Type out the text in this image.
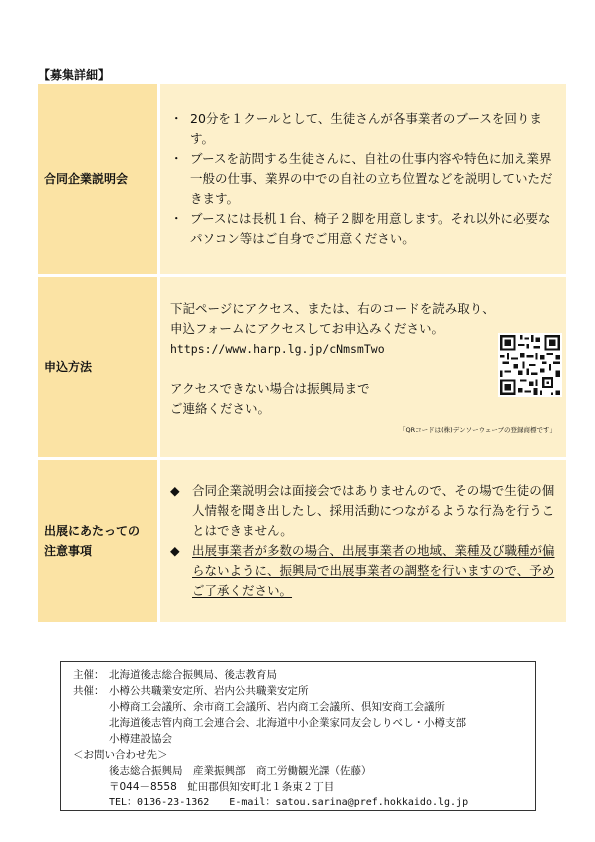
【募集詳細】
合同企業説明会
・ 20分を１クールとして、生徒さんが各事業者のブースを回ります。
・ ブースを訪問する生徒さんに、自社の仕事内容や特色に加え業界一般の仕事、業界の中での自社の立ち位置などを説明していただきます。
・ ブースには長机１台、椅子２脚を用意します。それ以外に必要なパソコン等はご自身でご用意ください。
申込方法
下記ページにアクセス、または、右のコードを読み取り、
申込フォームにアクセスしてお申込みください。
https://www.harp.lg.jp/cNmsmTwo
アクセスできない場合は振興局まで
ご連絡ください。
「QRコードは(株)デンソーウェーブの登録商標です」
出展にあたっての
注意事項
◆ 合同企業説明会は面接会ではありませんので、その場で生徒の個人情報を聞き出したし、採用活動につながるような行為を行うことはできません。
◆ 出展事業者が多数の場合、出展事業者の地域、業種及び職種が偏らないように、振興局で出展事業者の調整を行いますので、予めご了承ください。
主催： 北海道後志総合振興局、後志教育局
共催： 小樽公共職業安定所、岩内公共職業安定所
小樽商工会議所、余市商工会議所、岩内商工会議所、倶知安商工会議所
北海道後志管内商工会連合会、北海道中小企業家同友会しりべし・小樽支部
小樽建設協会
＜お問い合わせ先＞
後志総合振興局　産業振興部　商工労働観光課（佐藤）
〒044－8558　虻田郡倶知安町北１条東２丁目
TEL：0136-23-1362　　E-mail：satou.sarina@pref.hokkaido.lg.jp
